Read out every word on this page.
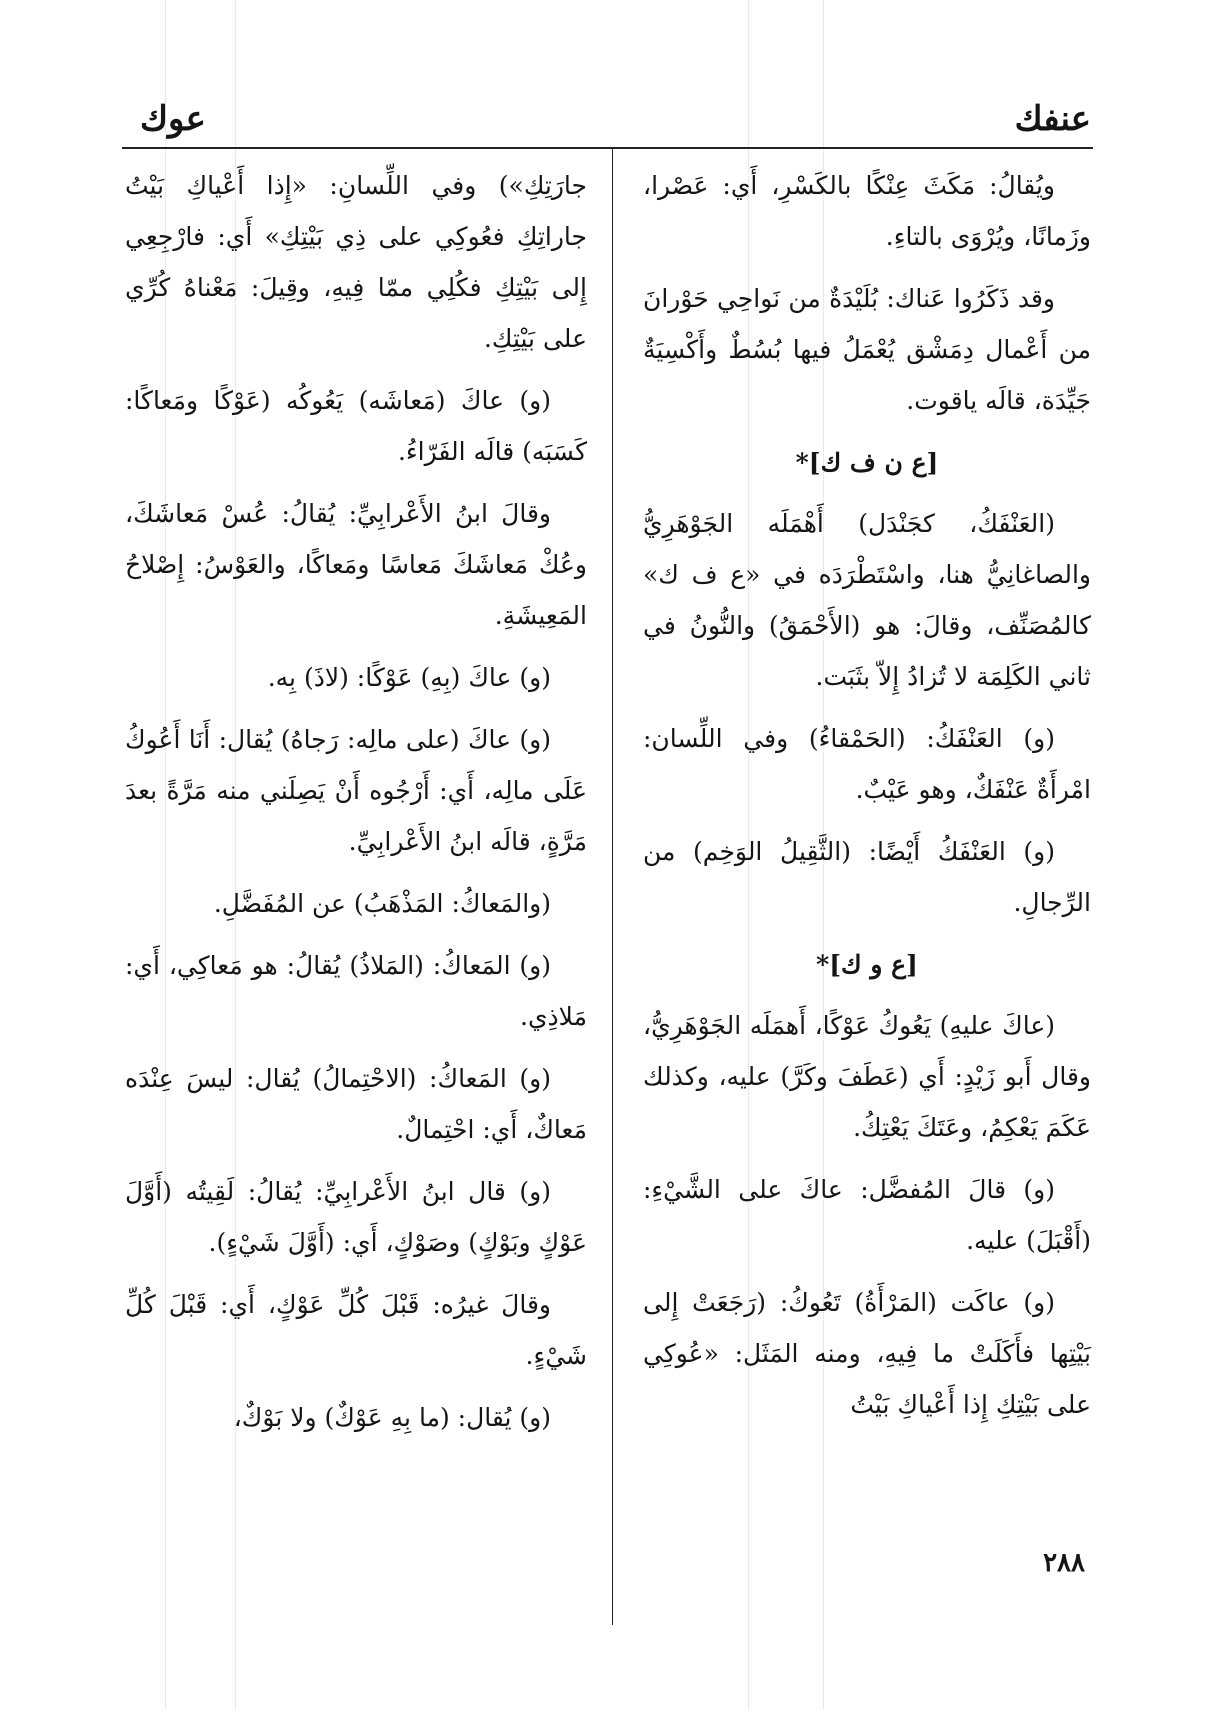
عنفك
عوك

ويُقالُ: مَكَثَ عِنْكًا بالكَسْرِ، أَي: عَصْرا، وزَمانًا، ويُرْوَى بالتاءِ.

وقد ذَكَرُوا عَناك: بُلَيْدَةٌ من نَواحِي حَوْرانَ من أَعْمال دِمَشْق يُعْمَلُ فيها بُسُطٌ وأَكْسِيَةٌ جَيِّدَة، قالَه ياقوت.

[ع ن ف ك]*

(العَنْفَكُ، كجَنْدَل) أَهْمَلَه الجَوْهَرِيُّ والصاغانِيُّ هنا، واسْتَطْرَدَه في «ع ف ك» كالمُصَنِّف، وقالَ: هو (الأَحْمَقُ) والنُّونُ في ثاني الكَلِمَة لا تُزادُ إِلاّ بثَبَت.

(و) العَنْفَكُ: (الحَمْقاءُ) وفي اللِّسان: امْرأَةٌ عَنْفَكٌ، وهو عَيْبٌ.

(و) العَنْفَكُ أَيْضًا: (الثَّقِيلُ الوَخِم) من الرِّجالِ.

[ع و ك]*

(عاكَ عليهِ) يَعُوكُ عَوْكًا، أَهمَلَه الجَوْهَرِيُّ، وقال أَبو زَيْدٍ: أَي (عَطَفَ وكَرَّ) عليه، وكذلك عَكَمَ يَعْكِمُ، وعَتَكَ يَعْتِكُ.

(و) قالَ المُفضَّل: عاكَ على الشَّيْءِ: (أَقْبَلَ) عليه.

(و) عاكَت (المَرْأَةُ) تَعُوكُ: (رَجَعَتْ إِلى بَيْتِها فأَكَلَتْ ما فِيهِ، ومنه المَثَل: «عُوكِي على بَيْتِكِ إِذا أَعْياكِ بَيْتُ

جارَتِكِ») وفي اللِّسانِ: «إِذا أَعْياكِ بَيْتُ جاراتِكِ فعُوكِي على ذِي بَيْتِكِ» أَي: فارْجِعِي إِلى بَيْتِكِ فكُلِي ممّا فِيهِ، وقِيلَ: مَعْناهُ كُرِّي على بَيْتِكِ.

(و) عاكَ (مَعاشَه) يَعُوكُه (عَوْكًا ومَعاكًا: كَسَبَه) قالَه الفَرّاءُ.

وقالَ ابنُ الأَعْرابِيِّ: يُقالُ: عُسْ مَعاشَكَ، وعُكْ مَعاشَكَ مَعاسًا ومَعاكًا، والعَوْسُ: إِصْلاحُ المَعِيشَةِ.

(و) عاكَ (بِهِ) عَوْكًا: (لاذَ) بِه.

(و) عاكَ (على مالِه: رَجاهُ) يُقال: أَنَا أَعُوكُ عَلَى مالِه، أَي: أَرْجُوه أَنْ يَصِلَني منه مَرَّةً بعدَ مَرَّةٍ، قالَه ابنُ الأَعْرابِيِّ.

(والمَعاكُ: المَذْهَبُ) عن المُفَضَّلِ.

(و) المَعاكُ: (المَلاذُ) يُقالُ: هو مَعاكِي، أَي: مَلاذِي.

(و) المَعاكُ: (الاحْتِمالُ) يُقال: ليسَ عِنْدَه مَعاكٌ، أَي: احْتِمالٌ.

(و) قال ابنُ الأَعْرابِيِّ: يُقالُ: لَقِيتُه (أَوَّلَ عَوْكٍ وبَوْكٍ) وصَوْكٍ، أَي: (أَوَّلَ شَيْءٍ).

وقالَ غيرُه: قَبْلَ كُلِّ عَوْكٍ، أَي: قَبْلَ كُلِّ شَيْءٍ.

(و) يُقال: (ما بِهِ عَوْكٌ) ولا بَوْكٌ،

٢٨٨
